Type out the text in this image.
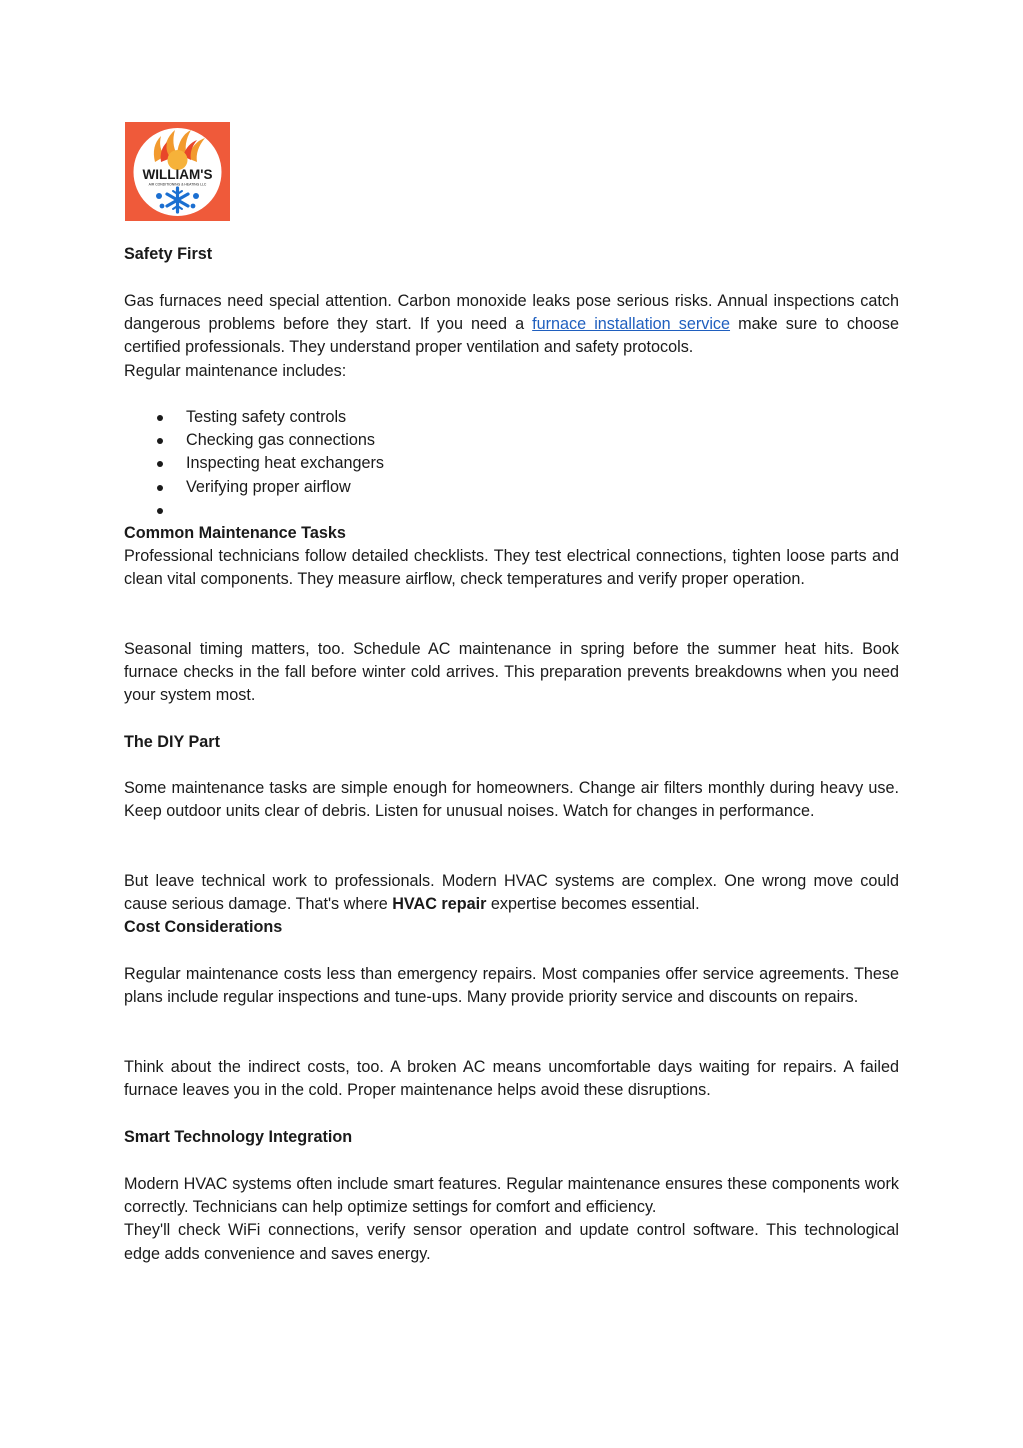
WILLIAM'S
AIR CONDITIONING & HEATING LLC

Safety First

Gas furnaces need special attention. Carbon monoxide leaks pose serious risks. Annual inspections catch dangerous problems before they start. If you need a furnace installation service make sure to choose certified professionals. They understand proper ventilation and safety protocols.

Regular maintenance includes:

Testing safety controls
Checking gas connections
Inspecting heat exchangers
Verifying proper airflow

Common Maintenance Tasks

Professional technicians follow detailed checklists. They test electrical connections, tighten loose parts and clean vital components. They measure airflow, check temperatures and verify proper operation.

Seasonal timing matters, too. Schedule AC maintenance in spring before the summer heat hits. Book furnace checks in the fall before winter cold arrives. This preparation prevents breakdowns when you need your system most.

The DIY Part

Some maintenance tasks are simple enough for homeowners. Change air filters monthly during heavy use. Keep outdoor units clear of debris. Listen for unusual noises. Watch for changes in performance.

But leave technical work to professionals. Modern HVAC systems are complex. One wrong move could cause serious damage. That's where HVAC repair expertise becomes essential.

Cost Considerations

Regular maintenance costs less than emergency repairs. Most companies offer service agreements. These plans include regular inspections and tune-ups. Many provide priority service and discounts on repairs.

Think about the indirect costs, too. A broken AC means uncomfortable days waiting for repairs. A failed furnace leaves you in the cold. Proper maintenance helps avoid these disruptions.

Smart Technology Integration

Modern HVAC systems often include smart features. Regular maintenance ensures these components work correctly. Technicians can help optimize settings for comfort and efficiency.

They'll check WiFi connections, verify sensor operation and update control software. This technological edge adds convenience and saves energy.
